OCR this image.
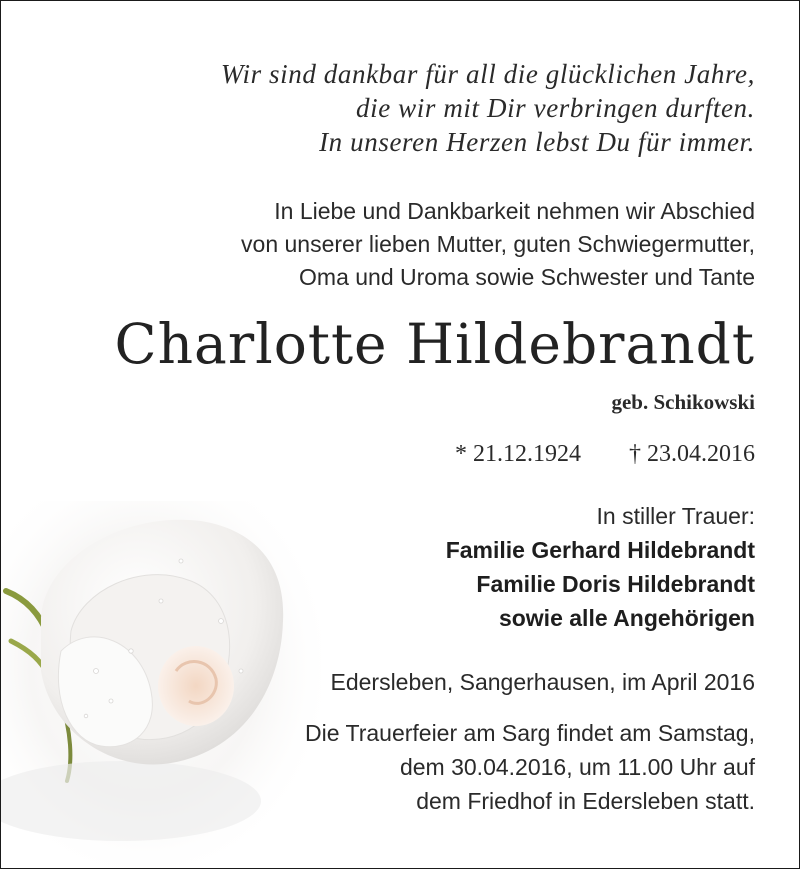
Wir sind dankbar für all die glücklichen Jahre,
die wir mit Dir verbringen durften.
In unseren Herzen lebst Du für immer.
In Liebe und Dankbarkeit nehmen wir Abschied
von unserer lieben Mutter, guten Schwiegermutter,
Oma und Uroma sowie Schwester und Tante
Charlotte Hildebrandt
geb. Schikowski
* 21.12.1924 † 23.04.2016
In stiller Trauer:
Familie Gerhard Hildebrandt
Familie Doris Hildebrandt
sowie alle Angehörigen
Edersleben, Sangerhausen, im April 2016
Die Trauerfeier am Sarg findet am Samstag,
dem 30.04.2016, um 11.00 Uhr auf
dem Friedhof in Edersleben statt.
